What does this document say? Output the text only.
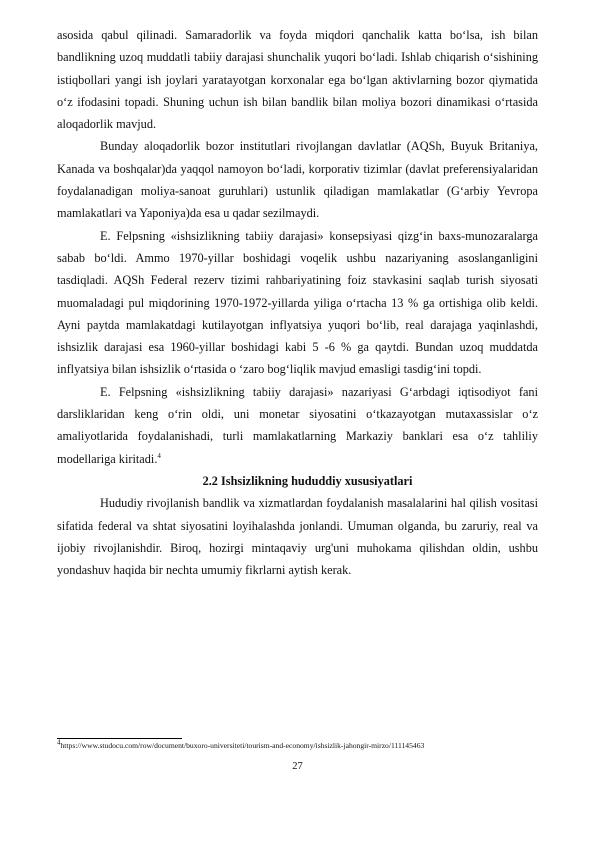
asosida qabul qilinadi. Samaradorlik va foyda miqdori qanchalik katta bo‘lsa, ish bilan bandlikning uzoq muddatli tabiiy darajasi shunchalik yuqori bo‘ladi. Ishlab chiqarish o‘sishining istiqbollari yangi ish joylari yaratayotgan korxonalar ega bo‘lgan aktivlarning bozor qiymatida o‘z ifodasini topadi. Shuning uchun ish bilan bandlik bilan moliya bozori dinamikasi o‘rtasida aloqadorlik mavjud.

Bunday aloqadorlik bozor institutlari rivojlangan davlatlar (AQSh, Buyuk Britaniya, Kanada va boshqalar)da yaqqol namoyon bo‘ladi, korporativ tizimlar (davlat preferensiyalaridan foydalanadigan moliya-sanoat guruhlari) ustunlik qiladigan mamlakatlar (G‘arbiy Yevropa mamlakatlari va Yaponiya)da esa u qadar sezilmaydi.

E. Felpsning «ishsizlikning tabiiy darajasi» konsepsiyasi qizg‘in baxs-munozaralarga sabab bo‘ldi. Ammo 1970-yillar boshidagi voqelik ushbu nazariyaning asoslanganligini tasdiqladi. AQSh Federal rezerv tizimi rahbariyatining foiz stavkasini saqlab turish siyosati muomaladagi pul miqdorining 1970-1972-yillarda yiliga o‘rtacha 13 % ga ortishiga olib keldi. Ayni paytda mamlakatdagi kutilayotgan inflyatsiya yuqori bo‘lib, real darajaga yaqinlashdi, ishsizlik darajasi esa 1960-yillar boshidagi kabi 5 -6 % ga qaytdi. Bundan uzoq muddatda inflyatsiya bilan ishsizlik o‘rtasida o ‘zaro bog‘liqlik mavjud emasligi tasdig‘ini topdi.

E. Felpsning «ishsizlikning tabiiy darajasi» nazariyasi G‘arbdagi iqtisodiyot fani darsliklaridan keng o‘rin oldi, uni monetar siyosatini o‘tkazayotgan mutaxassislar o‘z amaliyotlarida foydalanishadi, turli mamlakatlarning Markaziy banklari esa o‘z tahliliy modellariga kiritadi.$^4$

2.2 Ishsizlikning hududdiy xususiyatlari

Hududiy rivojlanish bandlik va xizmatlardan foydalanish masalalarini hal qilish vositasi sifatida federal va shtat siyosatini loyihalashda jonlandi. Umuman olganda, bu zaruriy, real va ijobiy rivojlanishdir. Biroq, hozirgi mintaqaviy urg'uni muhokama qilishdan oldin, ushbu yondashuv haqida bir nechta umumiy fikrlarni aytish kerak.

4https://www.studocu.com/row/document/buxoro-universiteti/tourism-and-economy/ishsizlik-jahongir-mirzo/111145463
27
